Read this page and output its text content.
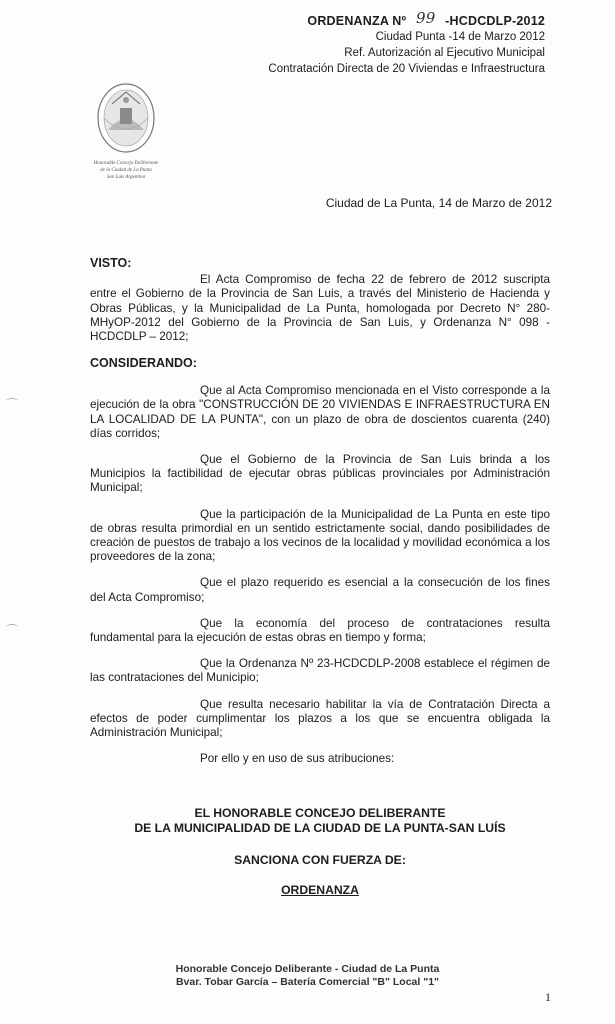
ORDENANZA Nº 99 -HCDCDLP-2012
Ciudad Punta -14 de Marzo 2012
Ref. Autorización al Ejecutivo Municipal
Contratación Directa de 20 Viviendas e Infraestructura
Honorable Concejo Deliberante
de la Ciudad de La Punta
San Luis Argentina
Ciudad de La Punta, 14 de Marzo de 2012
VISTO:

El Acta Compromiso de fecha 22 de febrero de 2012 suscripta entre el Gobierno de la Provincia de San Luis, a través del Ministerio de Hacienda y Obras Públicas, y la Municipalidad de La Punta, homologada por Decreto N° 280-MHyOP-2012 del Gobierno de la Provincia de San Luis, y Ordenanza N° 098 - HCDCDLP – 2012;

CONSIDERANDO:

Que al Acta Compromiso mencionada en el Visto corresponde a la ejecución de la obra "CONSTRUCCIÓN DE 20 VIVIENDAS E INFRAESTRUCTURA EN LA LOCALIDAD DE LA PUNTA", con un plazo de obra de doscientos cuarenta (240) días corridos;

Que el Gobierno de la Provincia de San Luis brinda a los Municipios la factibilidad de ejecutar obras públicas provinciales por Administración Municipal;

Que la participación de la Municipalidad de La Punta en este tipo de obras resulta primordial en un sentido estrictamente social, dando posibilidades de creación de puestos de trabajo a los vecinos de la localidad y movilidad económica a los proveedores de la zona;

Que el plazo requerido es esencial a la consecución de los fines del Acta Compromiso;

Que la economía del proceso de contrataciones resulta fundamental para la ejecución de estas obras en tiempo y forma;

Que la Ordenanza Nº 23-HCDCDLP-2008 establece el régimen de las contrataciones del Municipio;

Que resulta necesario habilitar la vía de Contratación Directa a efectos de poder cumplimentar los plazos a los que se encuentra obligada la Administración Municipal;

Por ello y en uso de sus atribuciones:

EL HONORABLE CONCEJO DELIBERANTE
DE LA MUNICIPALIDAD DE LA CIUDAD DE LA PUNTA-SAN LUÍS
SANCIONA CON FUERZA DE:
ORDENANZA
Honorable Concejo Deliberante - Ciudad de La Punta
Bvar. Tobar García – Batería Comercial "B" Local "1"
1
